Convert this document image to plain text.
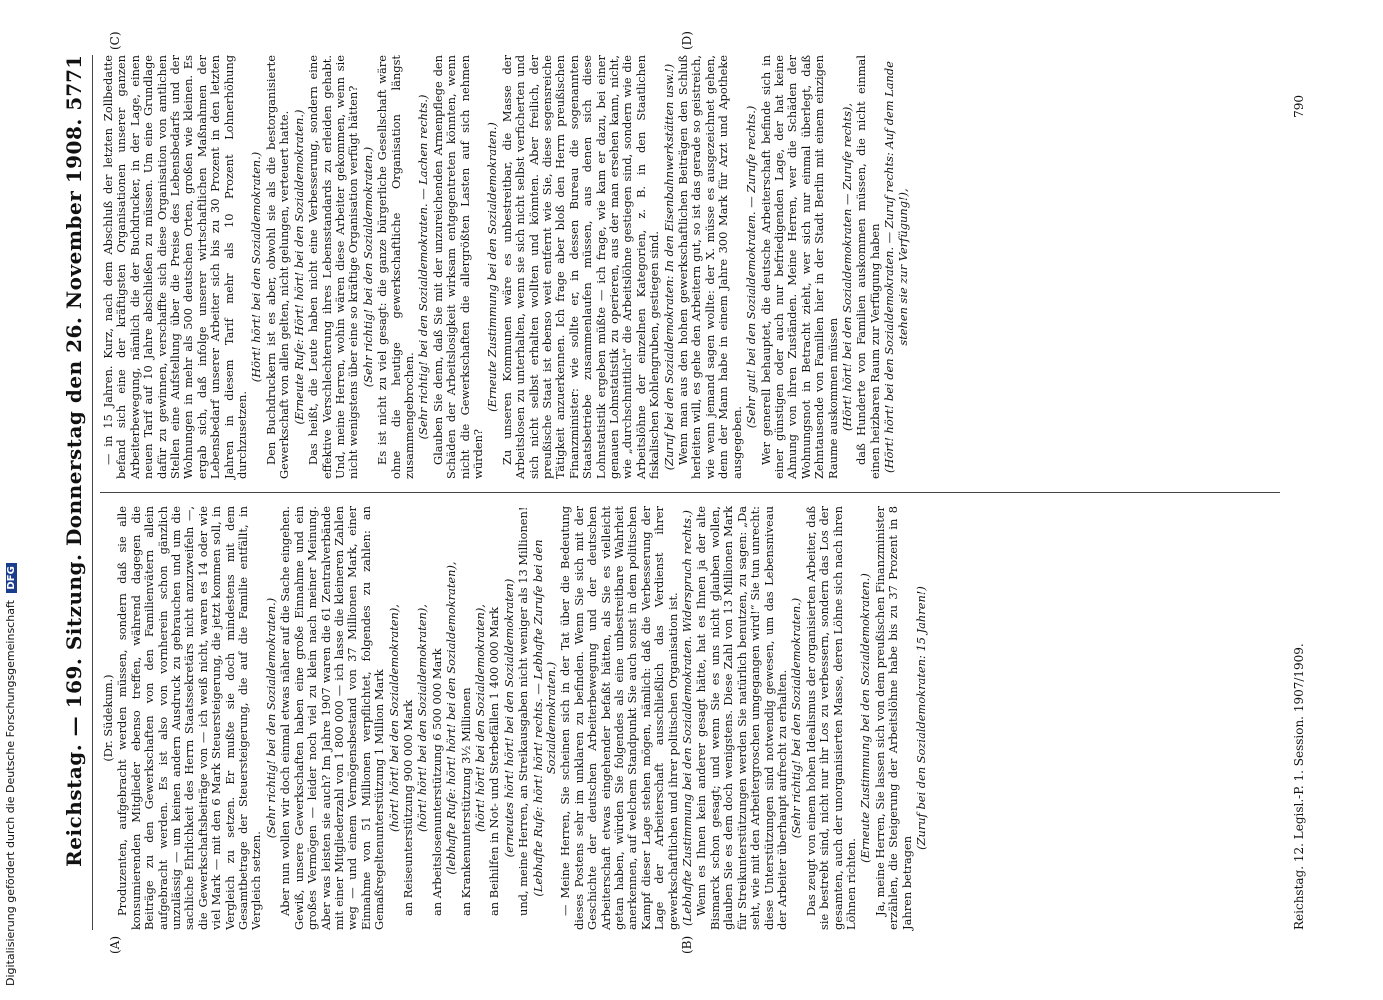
Reichstag. — 169. Sitzung. Donnerstag den 26. November 1908.
5771
(A)	(B)
(C)	(D)

(Dr. Südekum.) Produzenten, aufgebracht werden müssen, sondern daß sie alle konsumierenden Mitglieder ebenso treffen, während dagegen die Beiträge zu den Gewerkschaften von den Familienvätern allein aufgebracht werden. Es ist also von vornherein schon gänzlich unzulässig — um keinen andern Ausdruck zu gebrauchen und um die sachliche Ehrlichkeit des Herrn Staatssekretärs nicht anzuzweifeln —, die Gewerkschaftsbeiträge von — ich weiß nicht, waren es 14 oder wie viel Mark — mit den 6 Mark Steuersteigerung, die jetzt kommen soll, in Vergleich zu setzen. Er mußte sie doch mindestens mit dem Gesamtbetrage der Steuersteigerung, die auf die Familie entfällt, in Vergleich setzen.

(Sehr richtig! bei den Sozialdemokraten.) Aber nun wollen wir doch einmal etwas näher auf die Sache eingehen. Gewiß, unsere Gewerkschaften haben eine große Einnahme und ein großes Vermögen — leider noch viel zu klein nach meiner Meinung. Aber was leisten sie auch? Im Jahre 1907 waren die 61 Zentralverbände mit einer Mitgliederzahl von 1 800 000 — ich lasse die kleineren Zahlen weg — und einem Vermögensbestand von 37 Millionen Mark, einer Einnahme von 51 Millionen verpflichtet, folgendes zu zahlen: an Gemaßregeltenunterstützung 1 Million Mark (hört! hört! bei den Sozialdemokraten), an Reiseunterstützung 900 000 Mark (hört! hört! bei den Sozialdemokraten), an Arbeitslosenunterstützung 6 500 000 Mark (lebhafte Rufe: hört! hört! bei den Sozialdemokraten), an Krankenunterstützung 3½ Millionen (hört! hört! bei den Sozialdemokraten), an Beihilfen in Not- und Sterbefällen 1 400 000 Mark (erneutes hört! hört! bei den Sozialdemokraten) und, meine Herren, an Streikausgaben nicht weniger als 13 Millionen! (Lebhafte Rufe: hört! hört! rechts. — Lebhafte Zurufe bei den Sozialdemokraten.) — Meine Herren, Sie scheinen sich in der Tat über die Bedeutung dieses Postens sehr im unklaren zu befinden. Wenn Sie sich mit der Geschichte der deutschen Arbeiterbewegung und der deutschen Arbeiterschaft etwas eingehender befaßt hätten, als Sie es vielleicht getan haben, würden Sie folgendes als eine unbestreitbare Wahrheit anerkennen, auf welchem Standpunkt Sie auch sonst in dem politischen Kampf dieser Lage stehen mögen, nämlich: daß die Verbesserung der Lage der Arbeiterschaft ausschließlich das Verdienst ihrer gewerkschaftlichen und ihrer politischen Organisation ist. (Lebhafte Zustimmung bei den Sozialdemokraten. Widerspruch rechts.) Wenn es Ihnen kein anderer gesagt hätte, hat es Ihnen ja der alte Bismarck schon gesagt; und wenn Sie es uns nicht glauben wollen, glauben Sie es dem doch wenigstens. Diese Zahl von 13 Millionen Mark für Streikunterstützungen werden Sie natürlich benutzen, zu sagen: „Da seht, wie mit den Arbeitergroschen umgegangen wird!“ Sie tun unrecht: diese Unterstützungen sind notwendig gewesen, um das Lebensniveau der Arbeiter überhaupt aufrecht zu erhalten. (Sehr richtig! bei den Sozialdemokraten.) Das zeugt von einem hohen Idealismus der organisierten Arbeiter, daß sie bestrebt sind, nicht nur ihr Los zu verbessern, sondern das Los der gesamten, auch der unorganisierten Masse, deren Löhne sich nach ihren Löhnen richten.

(Erneute Zustimmung bei den Sozialdemokraten.) Ja, meine Herren, Sie lassen sich von dem preußischen Finanzminister erzählen, die Steigerung der Arbeitslöhne habe bis zu 37 Prozent in 8 Jahren betragen

(Zuruf bei den Sozialdemokraten: 15 Jahren!)

— in 15 Jahren. Kurz, nach dem Abschluß der letzten Zollbedatte befand sich eine der kräftigsten Organisationen unserer ganzen Arbeiterbewegung, nämlich die der Buchdrucker, in der Lage, einen neuen Tarif auf 10 Jahre abschließen zu müssen. Um eine Grundlage dafür zu gewinnen, verschaffte sich diese Organisation von amtlichen Stellen eine Aufstellung über die Preise des Lebensbedarfs und der Wohnungen in mehr als 500 deutschen Orten, großen wie kleinen. Es ergab sich, daß infolge unserer wirtschaftlichen Maßnahmen der Lebensbedarf unserer Arbeiter sich bis zu 30 Prozent in den letzten Jahren in diesem Tarif mehr als 10 Prozent Lohnerhöhung durchzusetzen.

(Hört! hört! bei den Sozialdemokraten.) Den Buchdruckern ist es aber, obwohl sie als die bestorganisierte Gewerkschaft von allen gelten, nicht gelungen, verteuert hatte. (Erneute Rufe: Hört! hört! bei den Sozialdemokraten.) Das heißt, die Leute haben nicht eine Verbesserung, sondern eine effektive Verschlechterung ihres Lebensstandards zu erleiden gehabt. Und, meine Herren, wohin wären diese Arbeiter gekommen, wenn sie nicht wenigstens über eine so kräftige Organisation verfügt hätten? (Sehr richtig! bei den Sozialdemokraten.) Es ist nicht zu viel gesagt: die ganze bürgerliche Gesellschaft wäre ohne die heutige gewerkschaftliche Organisation längst zusammengebrochen. (Sehr richtig! bei den Sozialdemokraten. — Lachen rechts.) Glauben Sie denn, daß Sie mit der unzureichenden Armenpflege den Schäden der Arbeitslosigkeit wirksam entgegentreten könnten, wenn nicht die Gewerkschaften die allergrößten Lasten auf sich nehmen würden?

(Erneute Zustimmung bei den Sozialdemokraten.) Zu unseren Kommunen wäre es unbestreitbar, die Masse der Arbeitslosen zu unterhalten, wenn sie sich nicht selbst verficherten und sich nicht selbst erhalten wollten und könnten. Aber freilich, der preußische Staat ist ebenso weit entfernt wie Sie, diese segensreiche Tätigkeit anzuerkennen. Ich frage aber bloß den Herrn preußischen Finanzminister: wie sollte er, in dessen Bureau die sogenannten Staatsbetriebe zusammenlaufen müssen, aus denen sich diese Lohnstatistik ergeben müßte — ich frage, wie kam er dazu, bei einer genauen Lohnstatistik zu operieren, aus der man ersehen kann, nicht, wie „durchschnittlich“ die Arbeitslöhne gestiegen sind, sondern wie die Arbeitslöhne der einzelnen Kategorien, z. B. in den Staatlichen fiskalischen Kohlengruben, gestiegen sind. (Zuruf bei den Sozialdemokraten: In den Eisenbahnwerkstätten usw.!) Wenn man aus den hohen gewerkschaftlichen Beiträgen den Schluß herleiten will, es gehe den Arbeitern gut, so ist das gerade so geistreich, wie wenn jemand sagen wollte: der X. müsse es ausgezeichnet gehen, denn der Mann habe in einem Jahre 300 Mark für Arzt und Apotheke ausgegeben.

(Sehr gut! bei den Sozialdemokraten. — Zurufe rechts.) Wer generell behauptet, die deutsche Arbeiterschaft befinde sich in einer günstigen oder auch nur befriedigenden Lage, der hat keine Ahnung von ihren Zuständen. Meine Herren, wer die Schäden der Wohnungsnot in Betracht zieht, wer sich nur einmal überlegt, daß Zehntausende von Familien hier in der Stadt Berlin mit einem einzigen Raume auskommen müssen (Hört! hört! bei den Sozialdemokraten — Zurufe rechts), daß Hunderte von Familien auskommen müssen, die nicht einmal einen heizbaren Raum zur Verfügung haben (Hört! hört! bei den Sozialdemokraten. — Zuruf rechts: Auf dem Lande stehen sie zur Verfügung!),

Reichstag. 12. Legisl.-P. 1. Session. 1907/1909.
790
Digitalisierung gefördert durch die Deutsche Forschungsgemeinschaft DFG
